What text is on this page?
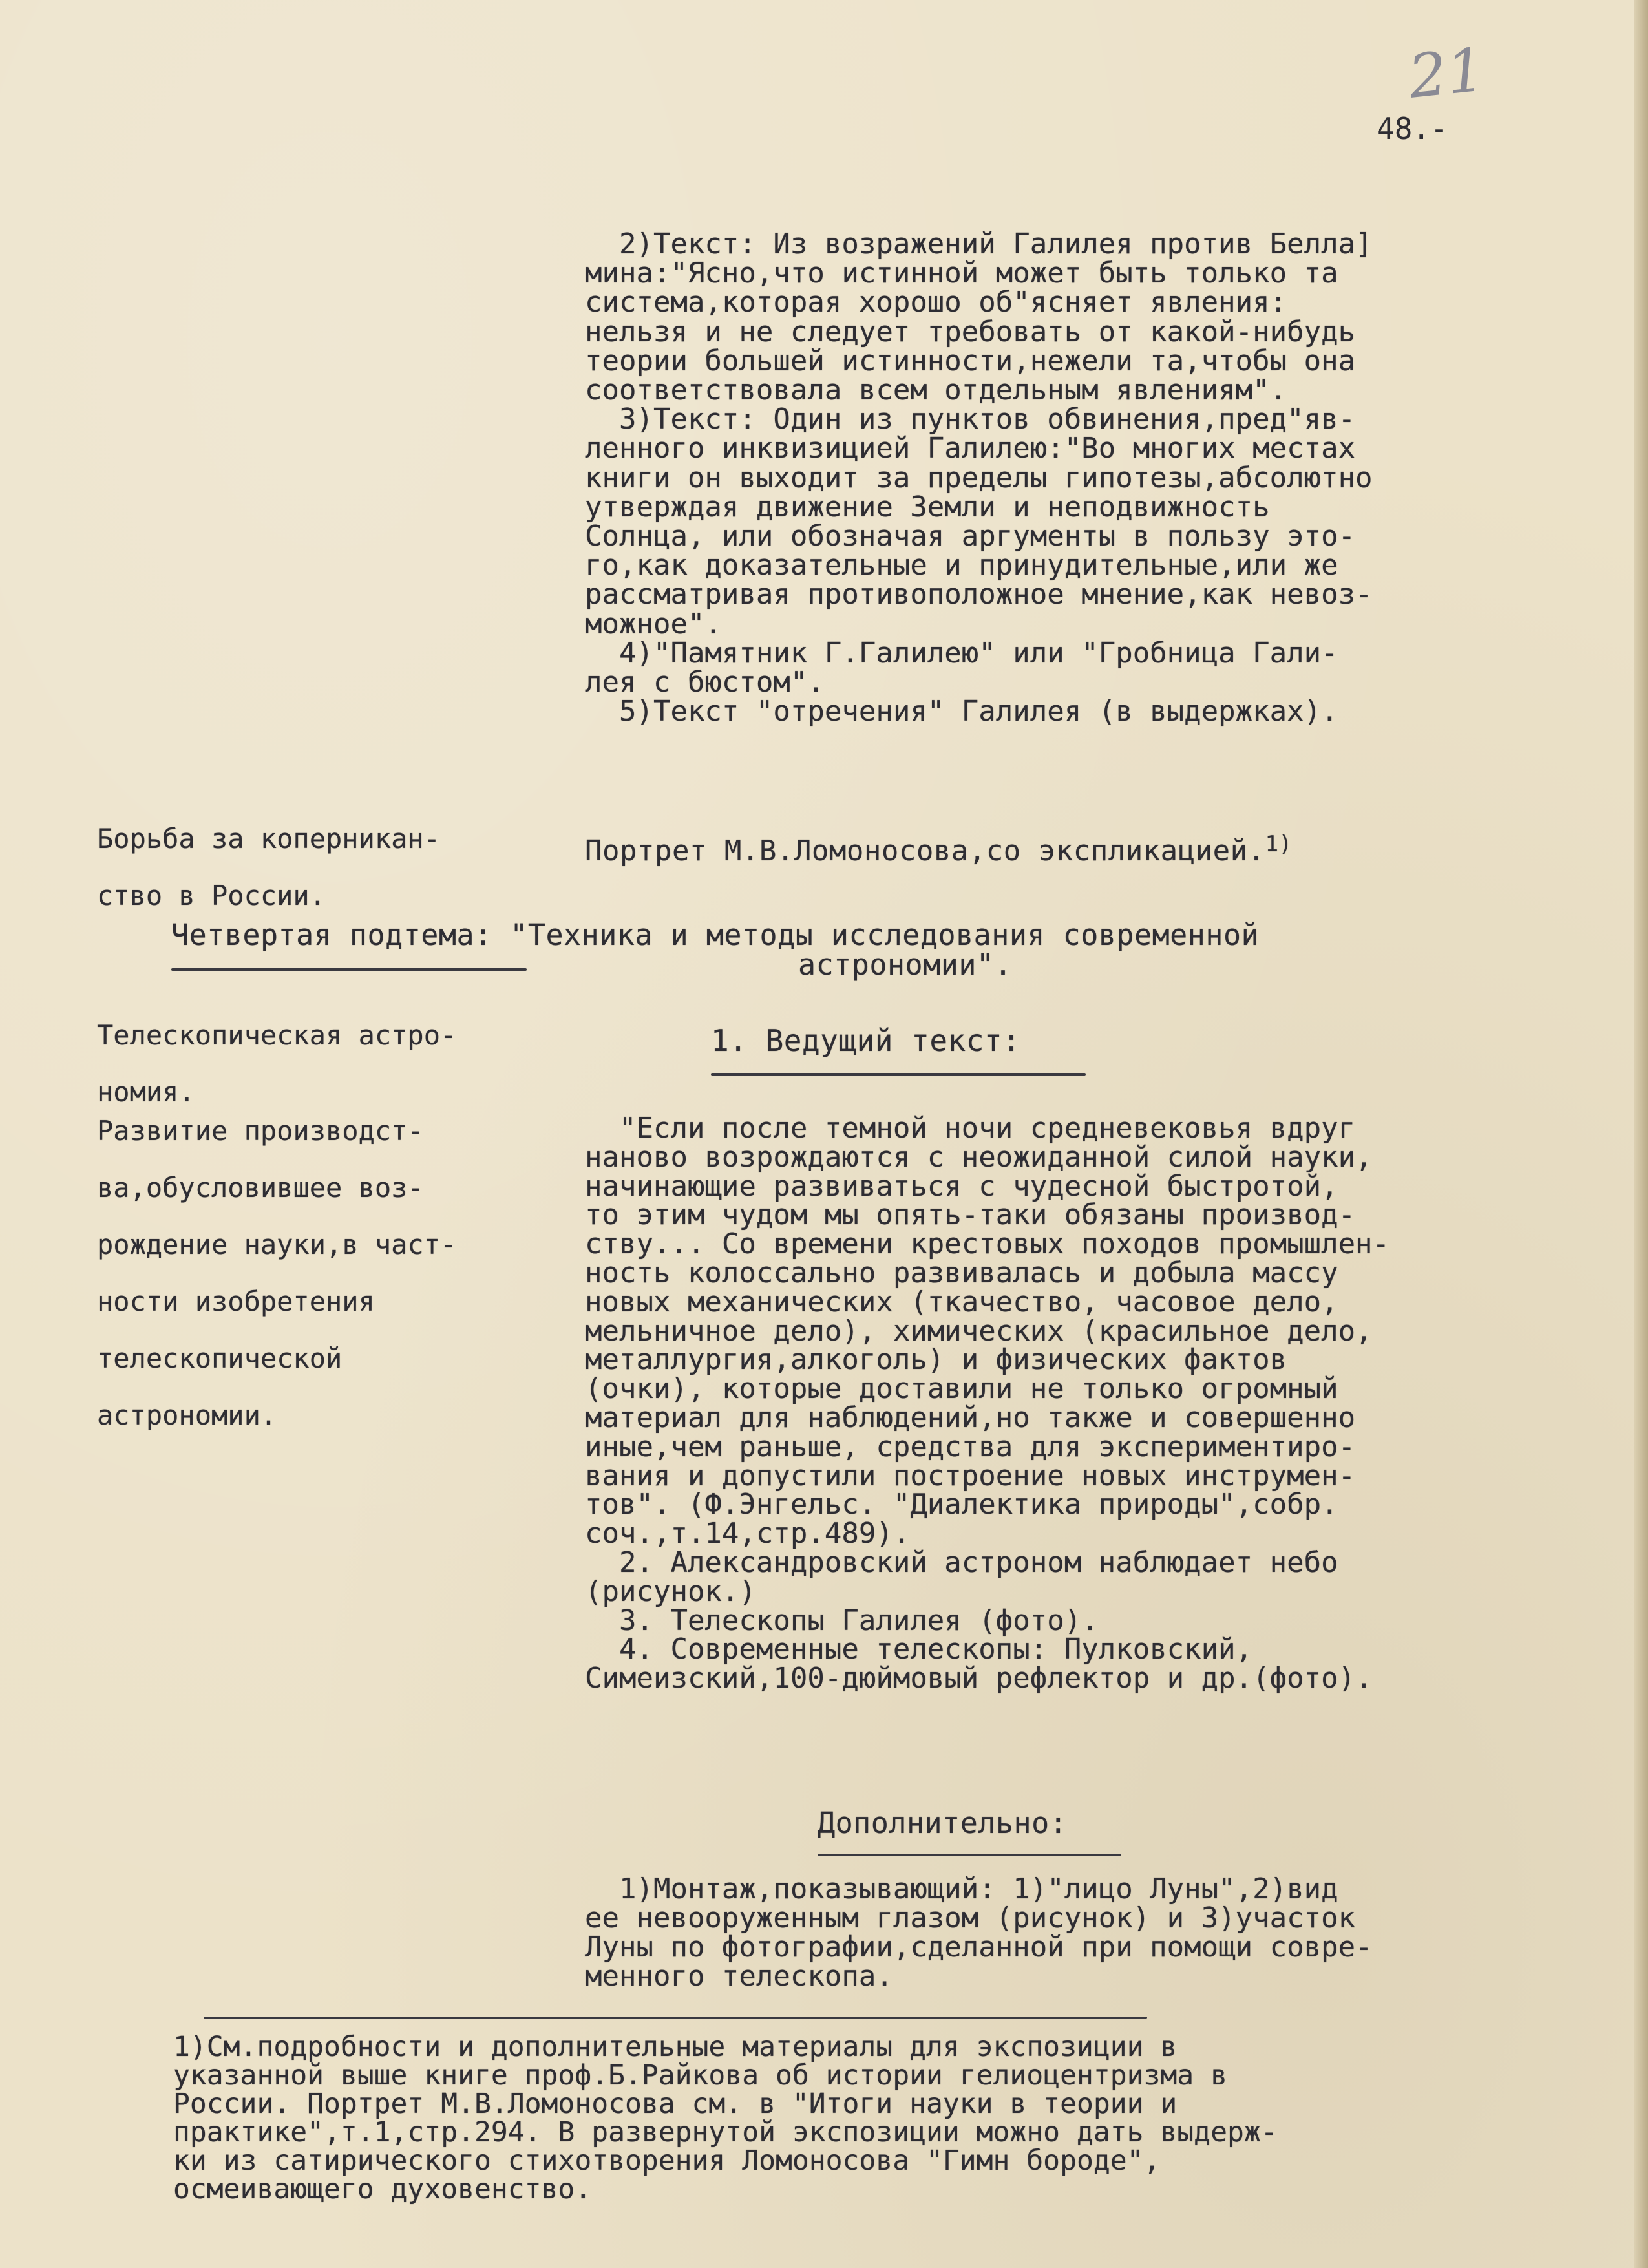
21
48.-
2)Текст: Из возражений Галилея против Белла]
мина:"Ясно,что истинной может быть только та
система,которая хорошо об"ясняет явления:
нельзя и не следует требовать от какой-нибудь
теории большей истинности,нежели та,чтобы она
соответствовала всем отдельным явлениям".
3)Текст: Один из пунктов обвинения,пред"яв-
ленного инквизицией Галилею:"Во многих местах
книги он выходит за пределы гипотезы,абсолютно
утверждая движение Земли и неподвижность
Солнца, или обозначая аргументы в пользу это-
го,как доказательные и принудительные,или же
рассматривая противоположное мнение,как невоз-
можное".
4)"Памятник Г.Галилею" или "Гробница Гали-
лея с бюстом".
5)Текст "отречения" Галилея (в выдержках).
Борьба за коперникан-

ство в России.
Портрет М.В.Ломоносова,со экспликацией.$^{1)}$
Четвертая подтема: "Техника и методы исследования современной
астрономии".
Телескопическая астро-

номия.
Развитие производст-

ва,обусловившее воз-

рождение науки,в част-

ности изобретения

телескопической

астрономии.
1. Ведущий текст:
"Если после темной ночи средневековья вдруг
наново возрождаются с неожиданной силой науки,
начинающие развиваться с чудесной быстротой,
то этим чудом мы опять-таки обязаны производ-
ству... Со времени крестовых походов промышлен-
ность колоссально развивалась и добыла массу
новых механических (ткачество, часовое дело,
мельничное дело), химических (красильное дело,
металлургия,алкоголь) и физических фактов
(очки), которые доставили не только огромный
материал для наблюдений,но также и совершенно
иные,чем раньше, средства для экспериментиро-
вания и допустили построение новых инструмен-
тов". (Ф.Энгельс. "Диалектика природы",собр.
соч.,т.14,стр.489).
2. Александровский астроном наблюдает небо
(рисунок.)
3. Телескопы Галилея (фото).
4. Современные телескопы: Пулковский,
Симеизский,100-дюймовый рефлектор и др.(фото).
Дополнительно:
1)Монтаж,показывающий: 1)"лицо Луны",2)вид
ее невооруженным глазом (рисунок) и 3)участок
Луны по фотографии,сделанной при помощи совре-
менного телескопа.
1)См.подробности и дополнительные материалы для экспозиции в
указанной выше книге проф.Б.Райкова об истории гелиоцентризма в
России. Портрет М.В.Ломоносова см. в "Итоги науки в теории и
практике",т.1,стр.294. В развернутой экспозиции можно дать выдерж-
ки из сатирического стихотворения Ломоносова "Гимн бороде",
осмеивающего духовенство.
